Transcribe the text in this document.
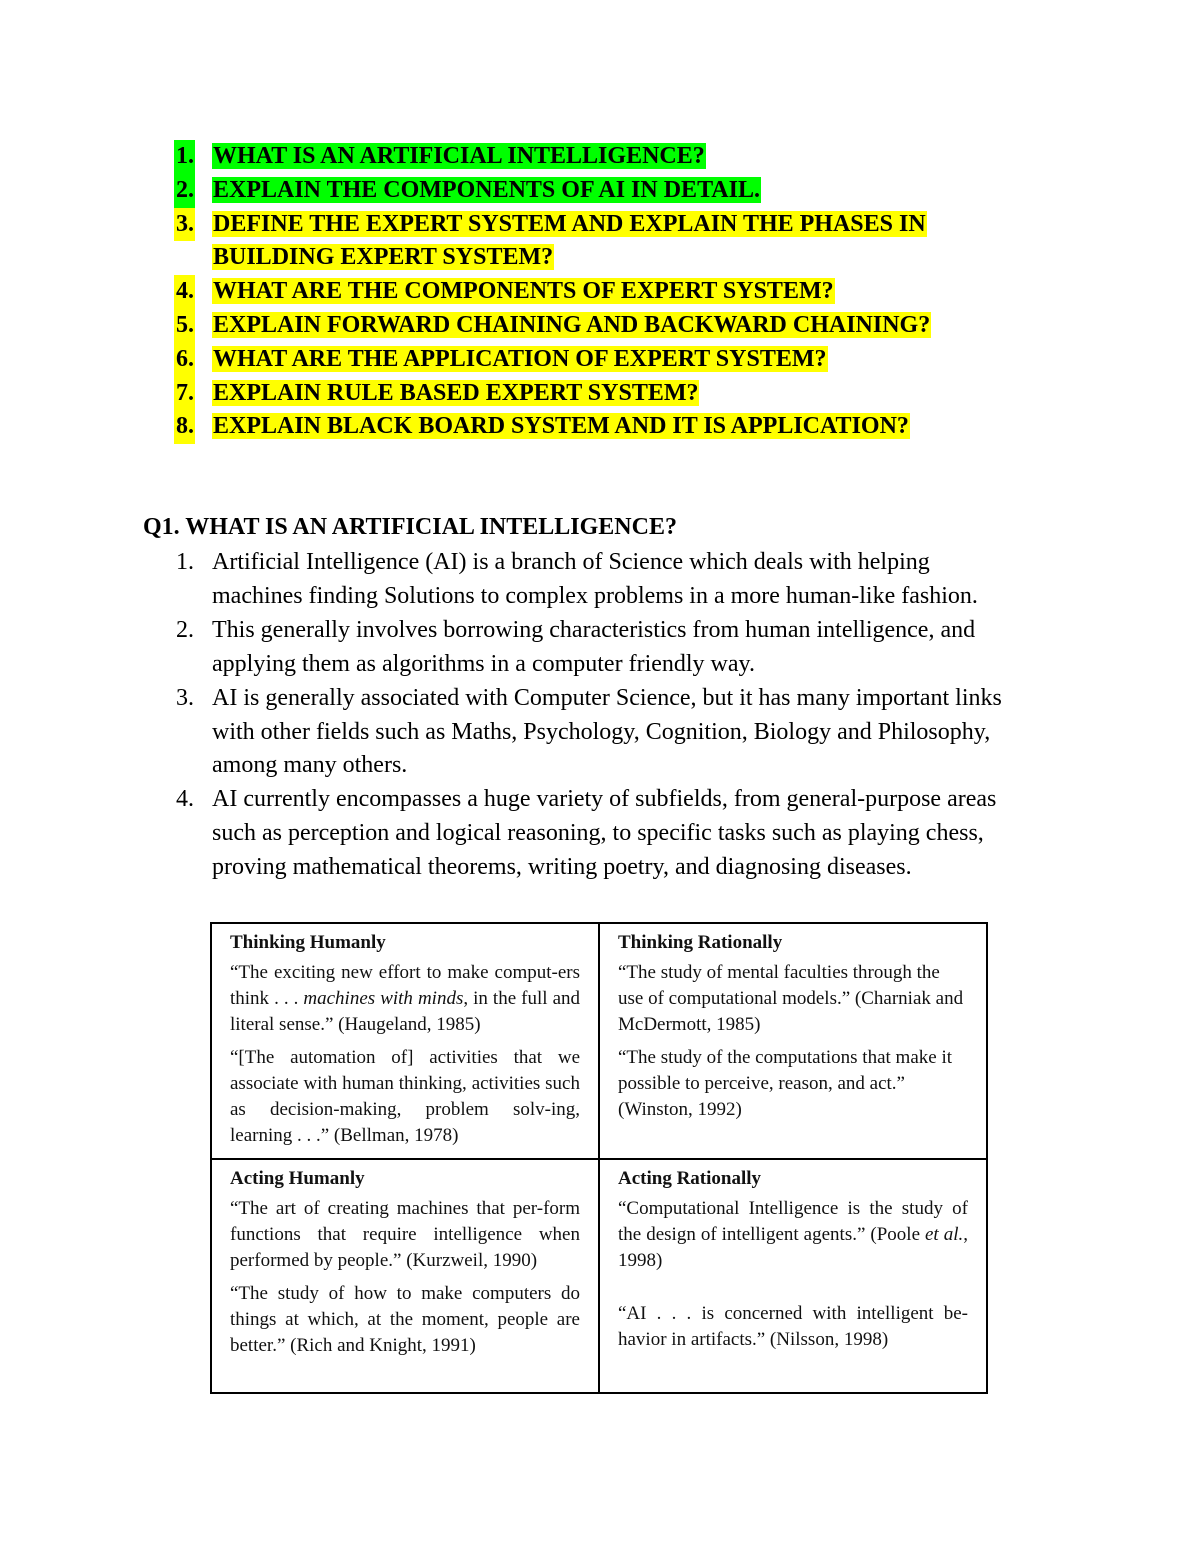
1. WHAT IS AN ARTIFICIAL INTELLIGENCE?
2. EXPLAIN THE COMPONENTS OF AI IN DETAIL.
3. DEFINE THE EXPERT SYSTEM AND EXPLAIN THE PHASES IN
BUILDING EXPERT SYSTEM?
4. WHAT ARE THE COMPONENTS OF EXPERT SYSTEM?
5. EXPLAIN FORWARD CHAINING AND BACKWARD CHAINING?
6. WHAT ARE THE APPLICATION OF EXPERT SYSTEM?
7. EXPLAIN RULE BASED EXPERT SYSTEM?
8. EXPLAIN BLACK BOARD SYSTEM AND IT IS APPLICATION?
Q1. WHAT IS AN ARTIFICIAL INTELLIGENCE?
1. Artificial Intelligence (AI) is a branch of Science which deals with helping
machines finding Solutions to complex problems in a more human-like fashion.
2. This generally involves borrowing characteristics from human intelligence, and
applying them as algorithms in a computer friendly way.
3. AI is generally associated with Computer Science, but it has many important links
with other fields such as Maths, Psychology, Cognition, Biology and Philosophy,
among many others.
4. AI currently encompasses a huge variety of subfields, from general-purpose areas
such as perception and logical reasoning, to specific tasks such as playing chess,
proving mathematical theorems, writing poetry, and diagnosing diseases.
Thinking Humanly

“The exciting new effort to make comput-ers think . . . machines with minds, in the full and literal sense.” (Haugeland, 1985)

“[The automation of] activities that we associate with human thinking, activities such as decision-making, problem solv-ing, learning . . .” (Bellman, 1978)

Thinking Rationally

“The study of mental faculties through the use of computational models.” (Charniak and McDermott, 1985)

“The study of the computations that make it possible to perceive, reason, and act.” (Winston, 1992)

Acting Humanly

“The art of creating machines that per-form functions that require intelligence when performed by people.” (Kurzweil, 1990)

“The study of how to make computers do things at which, at the moment, people are better.” (Rich and Knight, 1991)

Acting Rationally

“Computational Intelligence is the study of the design of intelligent agents.” (Poole et al., 1998)

“AI . . . is concerned with intelligent be-havior in artifacts.” (Nilsson, 1998)
